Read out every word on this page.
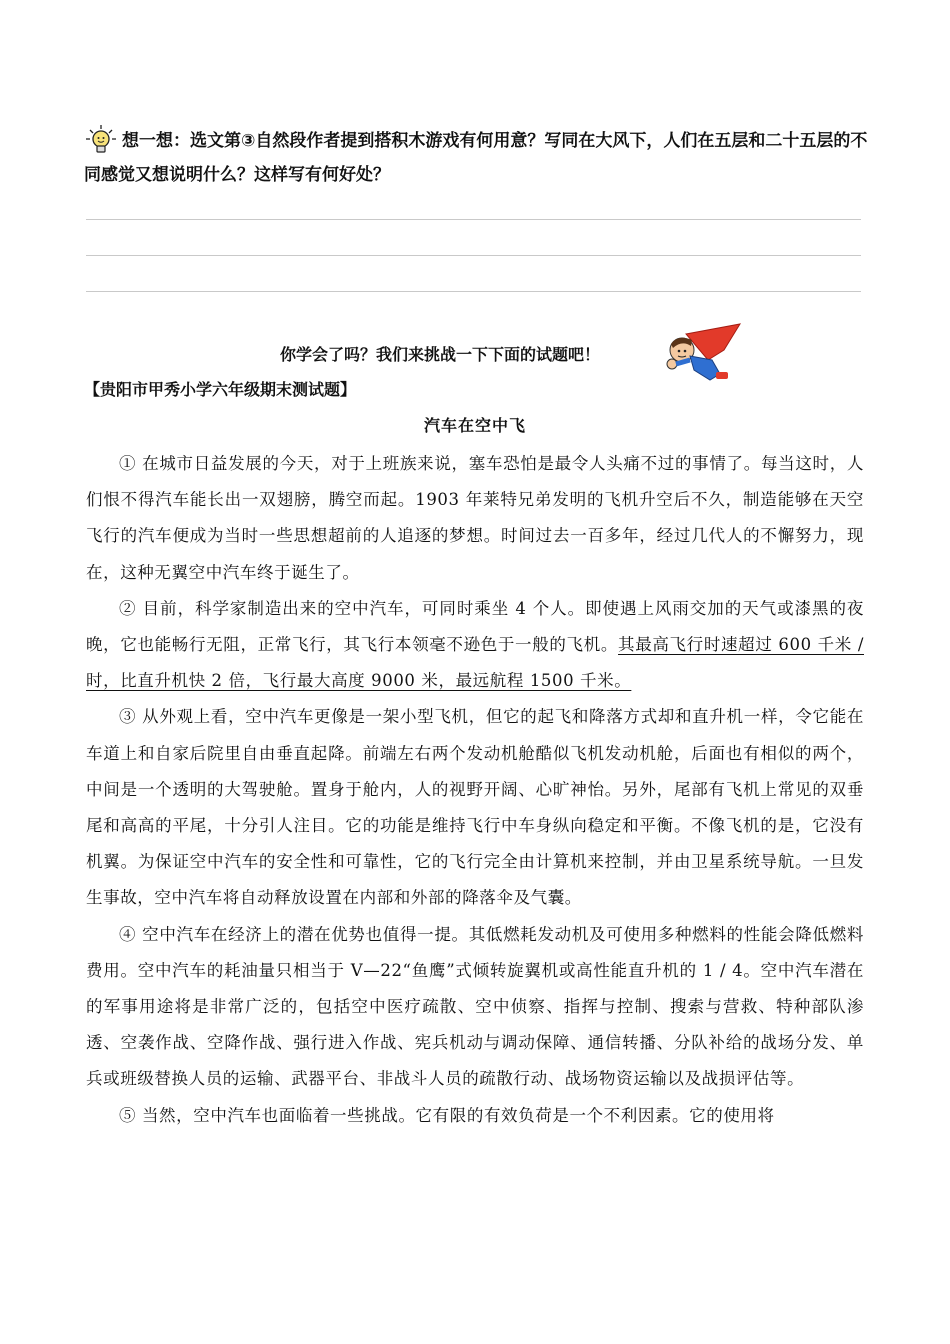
想一想：选文第③自然段作者提到搭积木游戏有何用意？写同在大风下，人们在五层和二十五层的不同感觉又想说明什么？这样写有何好处？
你学会了吗？我们来挑战一下下面的试题吧！
【贵阳市甲秀小学六年级期末测试题】
汽车在空中飞

① 在城市日益发展的今天，对于上班族来说，塞车恐怕是最令人头痛不过的事情了。每当这时，人们恨不得汽车能长出一双翅膀，腾空而起。1903 年莱特兄弟发明的飞机升空后不久，制造能够在天空飞行的汽车便成为当时一些思想超前的人追逐的梦想。时间过去一百多年，经过几代人的不懈努力，现在，这种无翼空中汽车终于诞生了。

② 目前，科学家制造出来的空中汽车，可同时乘坐 4 个人。即使遇上风雨交加的天气或漆黑的夜晚，它也能畅行无阻，正常飞行，其飞行本领毫不逊色于一般的飞机。其最高飞行时速超过 600 千米 / 时，比直升机快 2 倍，飞行最大高度 9000 米，最远航程 1500 千米。

③ 从外观上看，空中汽车更像是一架小型飞机，但它的起飞和降落方式却和直升机一样，令它能在车道上和自家后院里自由垂直起降。前端左右两个发动机舱酷似飞机发动机舱，后面也有相似的两个，中间是一个透明的大驾驶舱。置身于舱内，人的视野开阔、心旷神怡。另外，尾部有飞机上常见的双垂尾和高高的平尾，十分引人注目。它的功能是维持飞行中车身纵向稳定和平衡。不像飞机的是，它没有机翼。为保证空中汽车的安全性和可靠性，它的飞行完全由计算机来控制，并由卫星系统导航。一旦发生事故，空中汽车将自动释放设置在内部和外部的降落伞及气囊。

④ 空中汽车在经济上的潜在优势也值得一提。其低燃耗发动机及可使用多种燃料的性能会降低燃料费用。空中汽车的耗油量只相当于 V—22“鱼鹰”式倾转旋翼机或高性能直升机的 1 / 4。空中汽车潜在的军事用途将是非常广泛的，包括空中医疗疏散、空中侦察、指挥与控制、搜索与营救、特种部队渗透、空袭作战、空降作战、强行进入作战、宪兵机动与调动保障、通信转播、分队补给的战场分发、单兵或班级替换人员的运输、武器平台、非战斗人员的疏散行动、战场物资运输以及战损评估等。

⑤ 当然，空中汽车也面临着一些挑战。它有限的有效负荷是一个不利因素。它的使用将
